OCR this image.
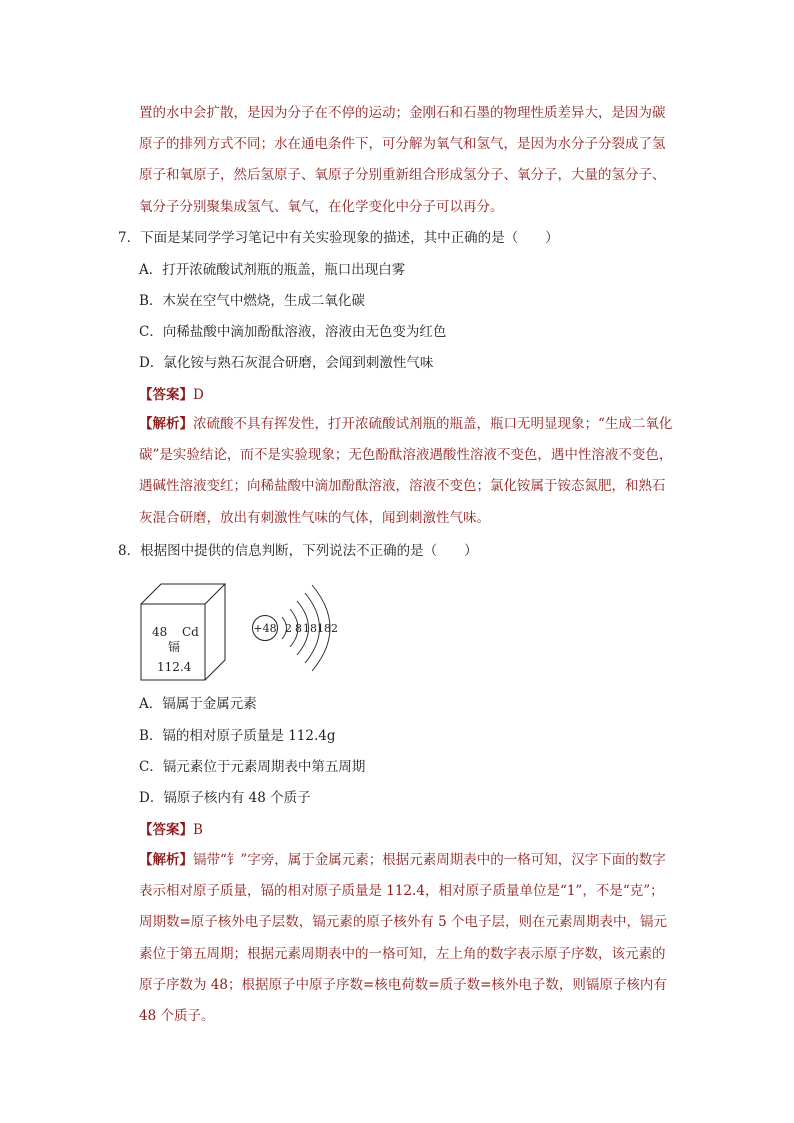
置的水中会扩散，是因为分子在不停的运动；金刚石和石墨的物理性质差异大，是因为碳原子的排列方式不同；水在通电条件下，可分解为氧气和氢气，是因为水分子分裂成了氢原子和氧原子，然后氢原子、氧原子分别重新组合形成氢分子、氧分子，大量的氢分子、氧分子分别聚集成氢气、氧气，在化学变化中分子可以再分。

7．下面是某同学学习笔记中有关实验现象的描述，其中正确的是（　　）
A．打开浓硫酸试剂瓶的瓶盖，瓶口出现白雾
B．木炭在空气中燃烧，生成二氧化碳
C．向稀盐酸中滴加酚酞溶液，溶液由无色变为红色
D．氯化铵与熟石灰混合研磨，会闻到刺激性气味
【答案】D

【解析】浓硫酸不具有挥发性，打开浓硫酸试剂瓶的瓶盖，瓶口无明显现象；“生成二氧化碳”是实验结论，而不是实验现象；无色酚酞溶液遇酸性溶液不变色，遇中性溶液不变色，遇碱性溶液变红；向稀盐酸中滴加酚酞溶液，溶液不变色；氯化铵属于铵态氮肥，和熟石灰混合研磨，放出有刺激性气味的气体，闻到刺激性气味。

8．根据图中提供的信息判断，下列说法不正确的是（　　）
48 Cd
镉
112.4
+48 2 8 18 18 2
A．镉属于金属元素
B．镉的相对原子质量是 112.4g
C．镉元素位于元素周期表中第五周期
D．镉原子核内有 48 个质子
【答案】B

【解析】镉带“钅”字旁，属于金属元素；根据元素周期表中的一格可知，汉字下面的数字表示相对原子质量，镉的相对原子质量是 112.4，相对原子质量单位是“1”，不是“克”；周期数=原子核外电子层数，镉元素的原子核外有 5 个电子层，则在元素周期表中，镉元素位于第五周期；根据元素周期表中的一格可知，左上角的数字表示原子序数，该元素的原子序数为 48；根据原子中原子序数=核电荷数=质子数=核外电子数，则镉原子核内有 48 个质子。
